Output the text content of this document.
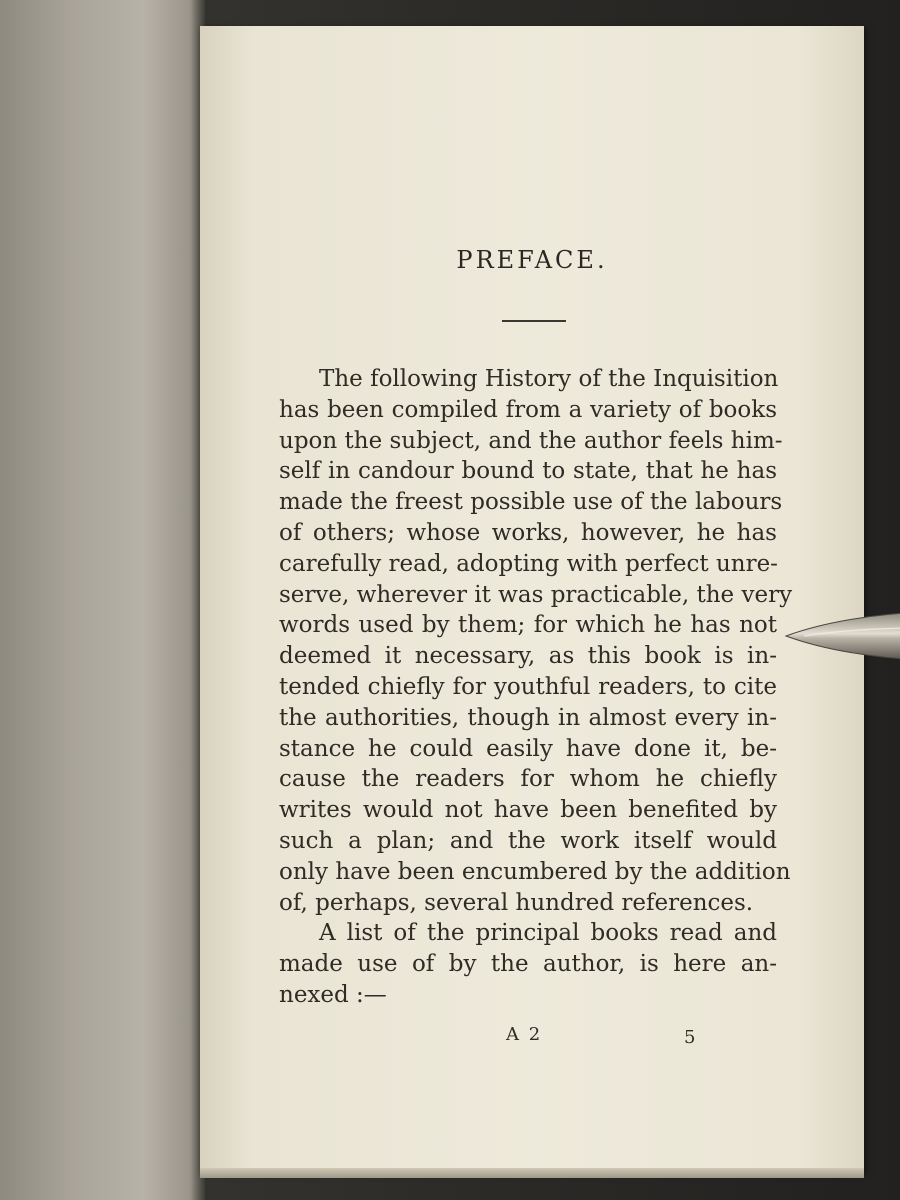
PREFACE.
The following History of the Inquisition
has been compiled from a variety of books
upon the subject, and the author feels him-
self in candour bound to state, that he has
made the freest possible use of the labours
of others; whose works, however, he has
carefully read, adopting with perfect unre-
serve, wherever it was practicable, the very
words used by them; for which he has not
deemed it necessary, as this book is in-
tended chiefly for youthful readers, to cite
the authorities, though in almost every in-
stance he could easily have done it, be-
cause the readers for whom he chiefly
writes would not have been benefited by
such a plan; and the work itself would
only have been encumbered by the addition
of, perhaps, several hundred references.
A list of the principal books read and
made use of by the author, is here an-
nexed :—
A 2	5
